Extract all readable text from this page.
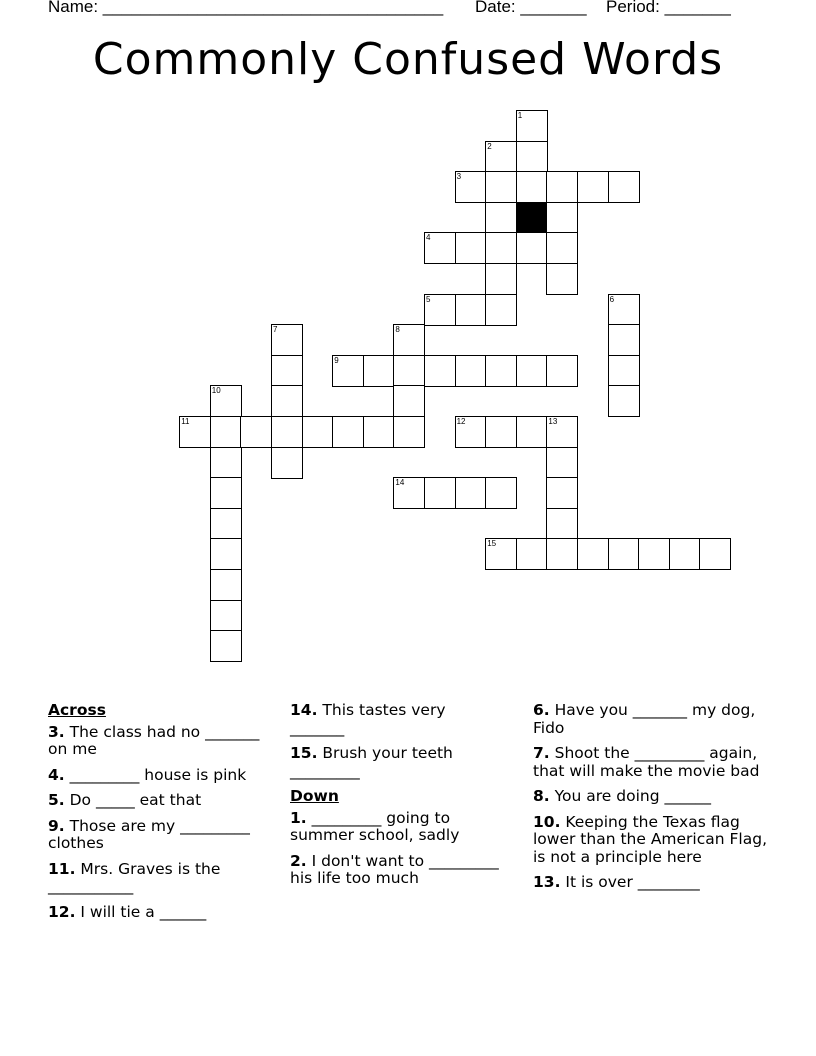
Name: ____________________________________ Date: _______ Period: _______
Commonly Confused Words
1
2
3
4
5	6
7	8
9
10
11	12	13
14
15
Across
3. The class had no _______ on me
4. _________ house is pink
5. Do _____ eat that
9. Those are my _________ clothes
11. Mrs. Graves is the ___________
12. I will tie a ______
14. This tastes very _______
15. Brush your teeth _________
Down
1. _________ going to summer school, sadly
2. I don't want to _________ his life too much
6. Have you _______ my dog, Fido
7. Shoot the _________ again, that will make the movie bad
8. You are doing ______
10. Keeping the Texas flag lower than the American Flag, is not a principle here
13. It is over ________
